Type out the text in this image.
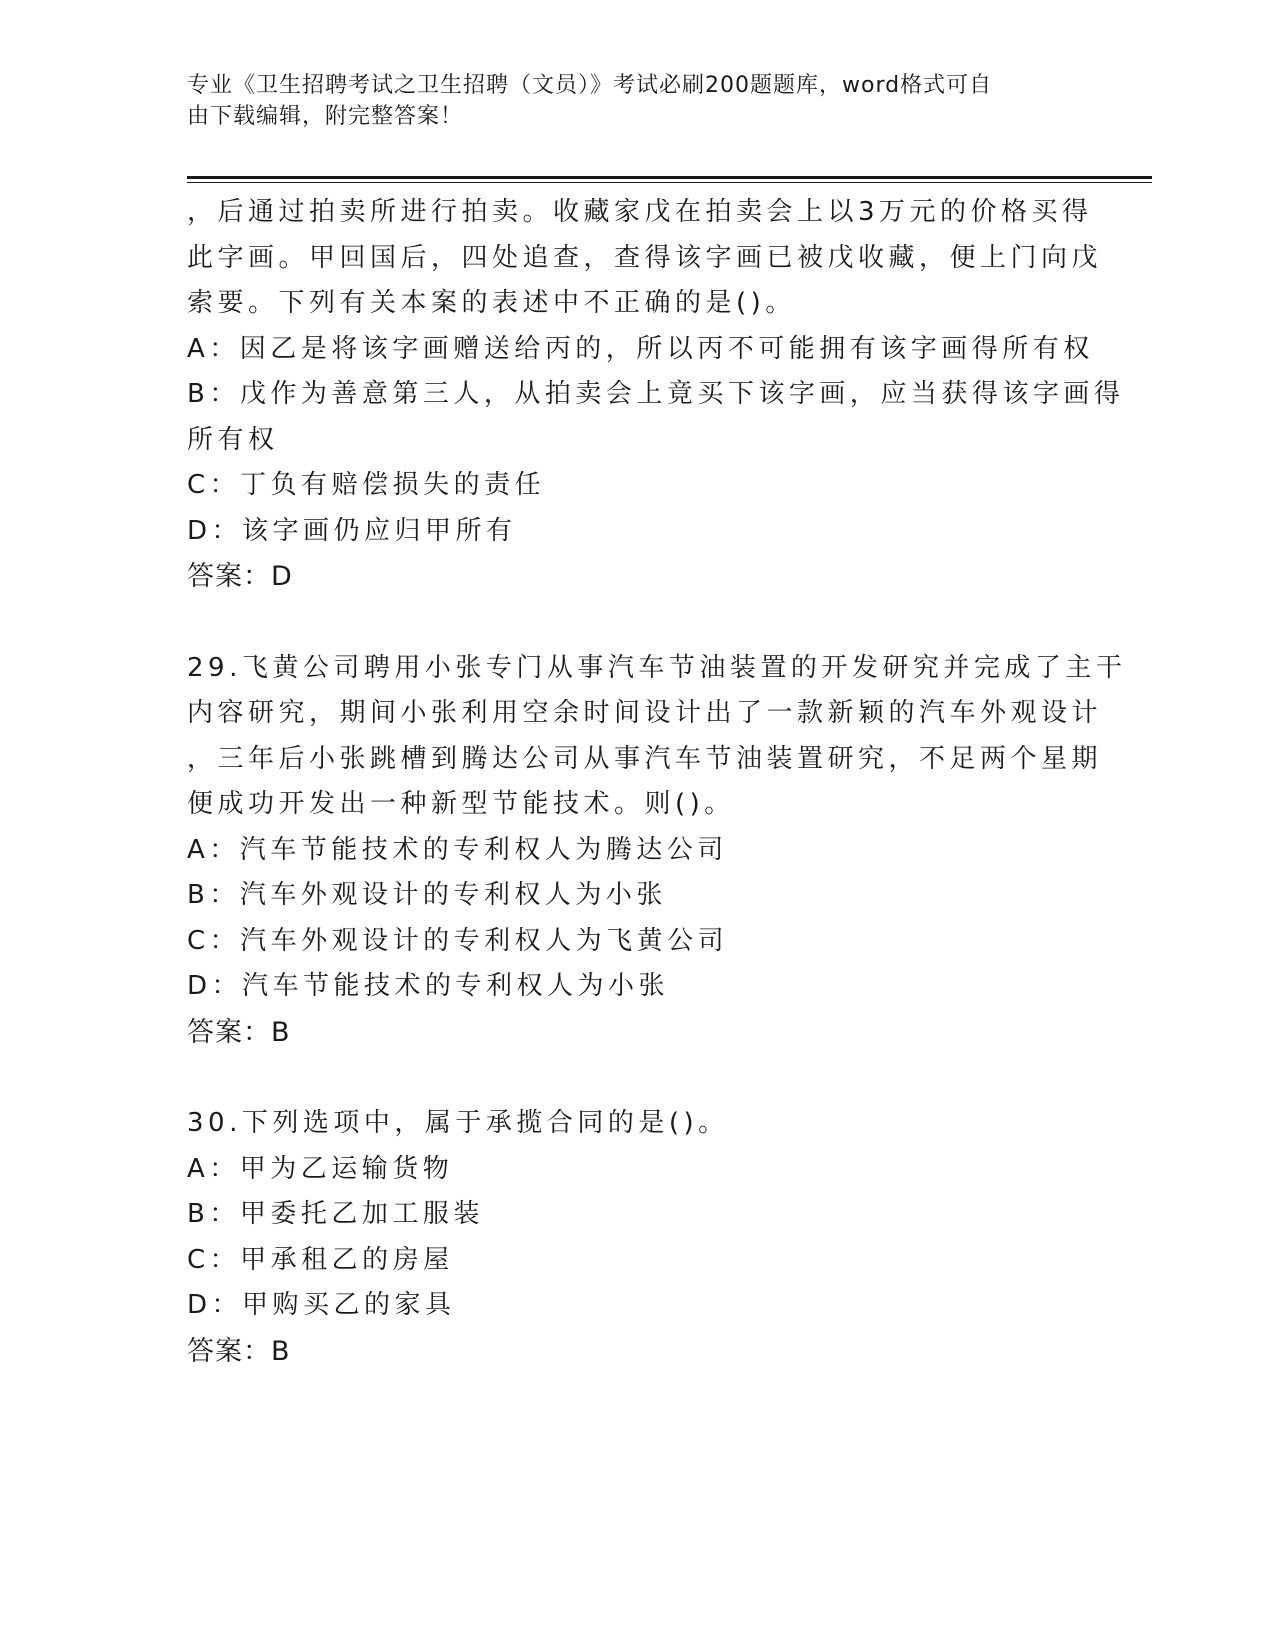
专业《卫生招聘考试之卫生招聘（文员）》考试必刷200题题库，word格式可自
由下载编辑，附完整答案！
，后通过拍卖所进行拍卖。收藏家戊在拍卖会上以3万元的价格买得
此字画。甲回国后，四处追查，查得该字画已被戊收藏，便上门向戊
索要。下列有关本案的表述中不正确的是()。
A：因乙是将该字画赠送给丙的，所以丙不可能拥有该字画得所有权
B：戊作为善意第三人，从拍卖会上竟买下该字画，应当获得该字画得
所有权
C：丁负有赔偿损失的责任
D：该字画仍应归甲所有
答案：D
29.飞黄公司聘用小张专门从事汽车节油装置的开发研究并完成了主干
内容研究，期间小张利用空余时间设计出了一款新颖的汽车外观设计
，三年后小张跳槽到腾达公司从事汽车节油装置研究，不足两个星期
便成功开发出一种新型节能技术。则()。
A：汽车节能技术的专利权人为腾达公司
B：汽车外观设计的专利权人为小张
C：汽车外观设计的专利权人为飞黄公司
D：汽车节能技术的专利权人为小张
答案：B
30.下列选项中，属于承揽合同的是()。
A：甲为乙运输货物
B：甲委托乙加工服装
C：甲承租乙的房屋
D：甲购买乙的家具
答案：B
